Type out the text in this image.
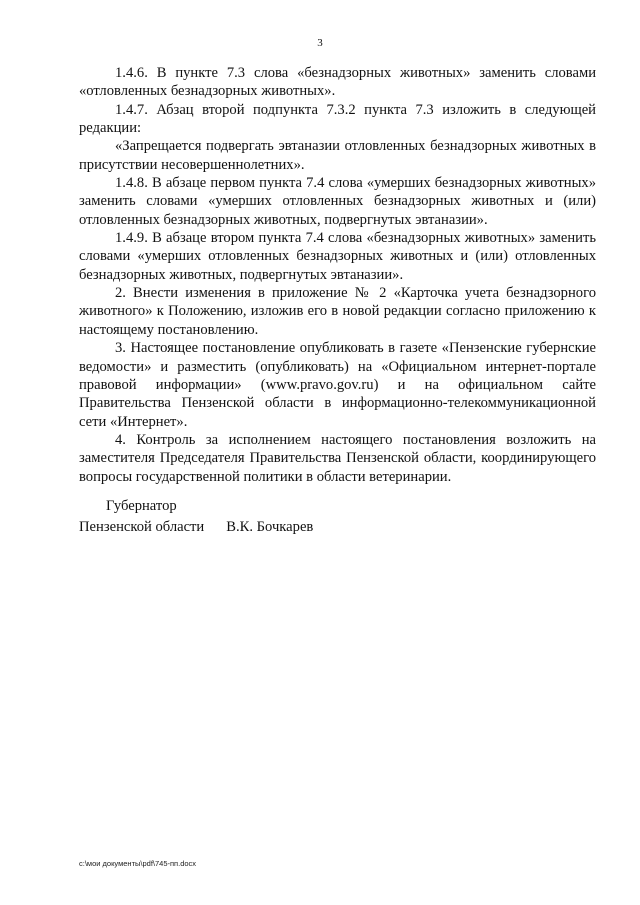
3

1.4.6. В пункте 7.3 слова «безнадзорных животных» заменить словами «отловленных безнадзорных животных».

1.4.7. Абзац второй подпункта 7.3.2 пункта 7.3 изложить в следующей редакции:

«Запрещается подвергать эвтаназии отловленных безнадзорных животных в присутствии несовершеннолетних».

1.4.8. В абзаце первом пункта 7.4 слова «умерших безнадзорных животных» заменить словами «умерших отловленных безнадзорных животных и (или) отловленных безнадзорных животных, подвергнутых эвтаназии».

1.4.9. В абзаце втором пункта 7.4 слова «безнадзорных животных» заменить словами «умерших отловленных безнадзорных животных и (или) отловленных безнадзорных животных, подвергнутых эвтаназии».

2. Внести изменения в приложение № 2 «Карточка учета безнадзорного животного» к Положению, изложив его в новой редакции согласно приложению к настоящему постановлению.

3. Настоящее постановление опубликовать в газете «Пензенские губернские ведомости» и разместить (опубликовать) на «Официальном интернет-портале правовой информации» (www.pravo.gov.ru) и на официальном сайте Правительства Пензенской области в информационно-телекоммуникационной сети «Интернет».

4. Контроль за исполнением настоящего постановления возложить на заместителя Председателя Правительства Пензенской области, координирующего вопросы государственной политики в области ветеринарии.

Губернатор
Пензенской области В.К. Бочкарев
c:\мои документы\pdf\745-пп.docx
